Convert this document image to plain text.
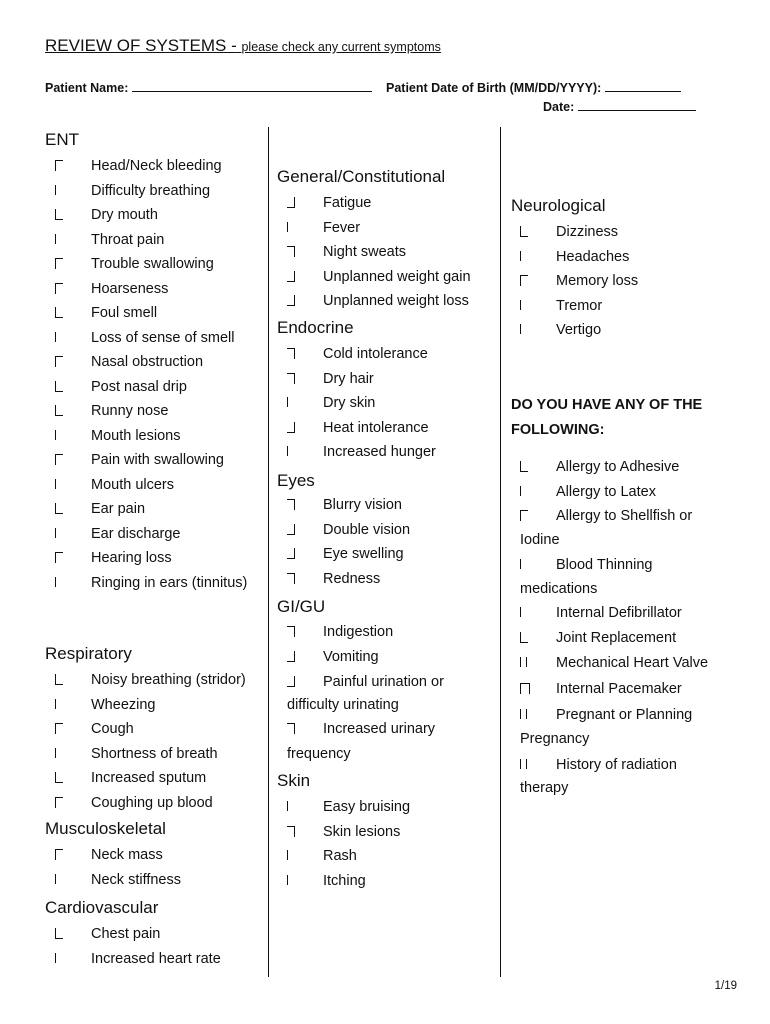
REVIEW OF SYSTEMS - please check any current symptoms
Patient Name:	Patient Date of Birth (MM/DD/YYYY):
Date:
ENT
Respiratory
Musculoskeletal
Cardiovascular
General/Constitutional
Endocrine
Eyes
GI/GU
difficulty urinating
frequency
Skin
Neurological
DO YOU HAVE ANY OF THE
FOLLOWING:
Iodine
medications
Pregnancy
therapy
1/19
Head/Neck bleeding
Difficulty breathing
Dry mouth
Throat pain
Trouble swallowing
Hoarseness
Foul smell
Loss of sense of smell
Nasal obstruction
Post nasal drip
Runny nose
Mouth lesions
Pain with swallowing
Mouth ulcers
Ear pain
Ear discharge
Hearing loss
Ringing in ears (tinnitus)
Noisy breathing (stridor)
Wheezing
Cough
Shortness of breath
Increased sputum
Coughing up blood
Neck mass
Neck stiffness
Chest pain
Increased heart rate
Fatigue
Fever
Night sweats
Unplanned weight gain
Unplanned weight loss
Cold intolerance
Dry hair
Dry skin
Heat intolerance
Increased hunger
Blurry vision
Double vision
Eye swelling
Redness
Indigestion
Vomiting
Painful urination or
Increased urinary
Easy bruising
Skin lesions
Rash
Itching
Dizziness
Headaches
Memory loss
Tremor
Vertigo
Allergy to Adhesive
Allergy to Latex
Allergy to Shellfish or
Blood Thinning
Internal Defibrillator
Joint Replacement
Mechanical Heart Valve
Internal Pacemaker
Pregnant or Planning
History of radiation
